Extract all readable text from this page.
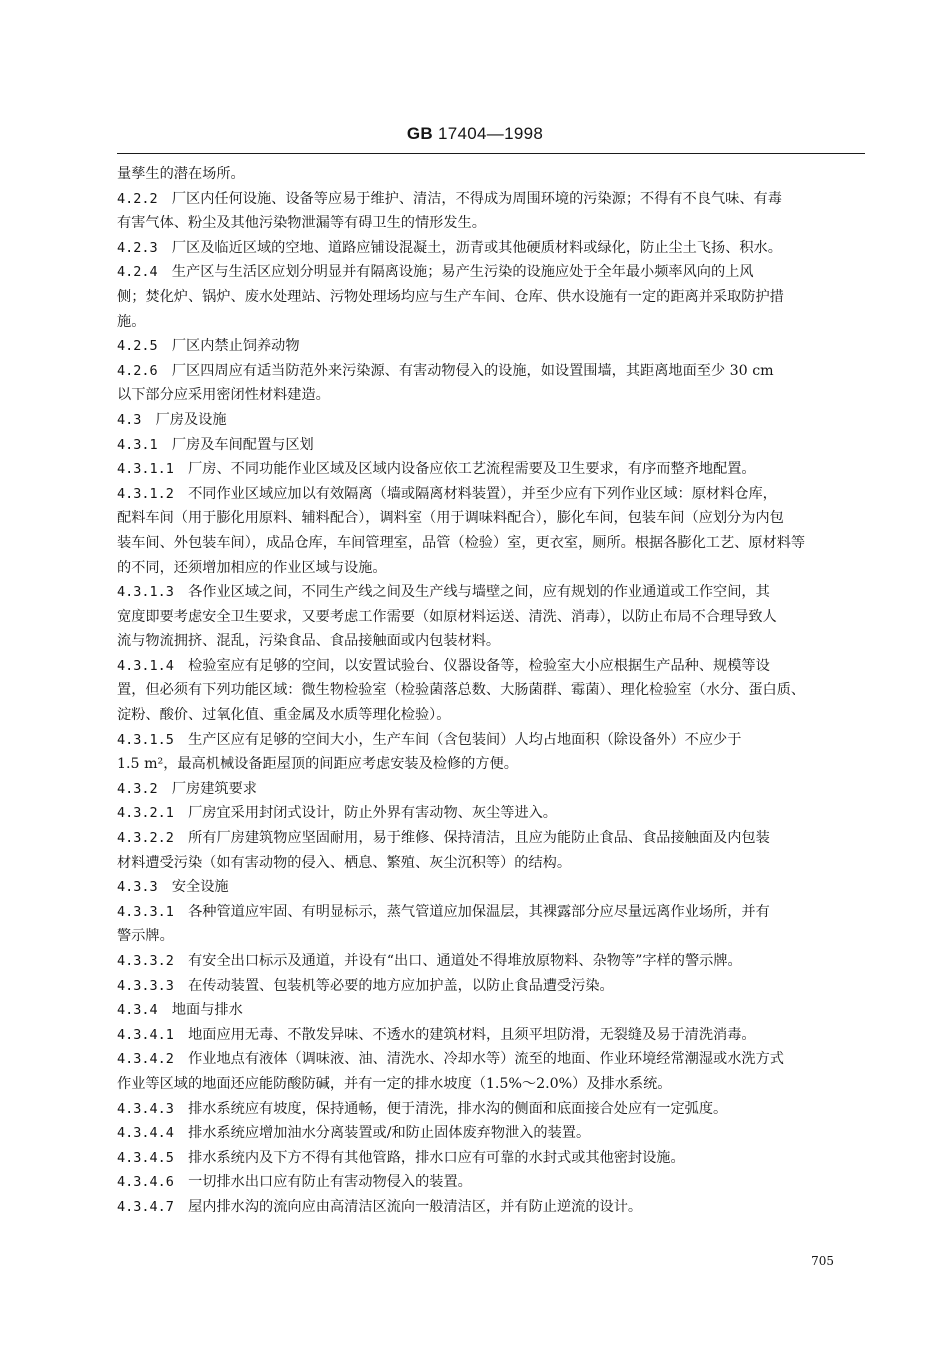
GB 17404—1998
量孳生的潜在场所。
4.2.2  厂区内任何设施、设备等应易于维护、清洁，不得成为周围环境的污染源；不得有不良气味、有毒
有害气体、粉尘及其他污染物泄漏等有碍卫生的情形发生。
4.2.3  厂区及临近区域的空地、道路应铺设混凝土，沥青或其他硬质材料或绿化，防止尘土飞扬、积水。
4.2.4  生产区与生活区应划分明显并有隔离设施；易产生污染的设施应处于全年最小频率风向的上风
侧；焚化炉、锅炉、废水处理站、污物处理场均应与生产车间、仓库、供水设施有一定的距离并采取防护措
施。
4.2.5  厂区内禁止饲养动物
4.2.6  厂区四周应有适当防范外来污染源、有害动物侵入的设施，如设置围墙，其距离地面至少 30 cm
以下部分应采用密闭性材料建造。
4.3  厂房及设施
4.3.1  厂房及车间配置与区划
4.3.1.1  厂房、不同功能作业区域及区域内设备应依工艺流程需要及卫生要求，有序而整齐地配置。
4.3.1.2  不同作业区域应加以有效隔离（墙或隔离材料装置），并至少应有下列作业区域：原材料仓库，
配料车间（用于膨化用原料、辅料配合），调料室（用于调味料配合），膨化车间，包装车间（应划分为内包
装车间、外包装车间），成品仓库，车间管理室，品管（检验）室，更衣室，厕所。根据各膨化工艺、原材料等
的不同，还须增加相应的作业区域与设施。
4.3.1.3  各作业区域之间，不同生产线之间及生产线与墙壁之间，应有规划的作业通道或工作空间，其
宽度即要考虑安全卫生要求，又要考虑工作需要（如原材料运送、清洗、消毒），以防止布局不合理导致人
流与物流拥挤、混乱，污染食品、食品接触面或内包装材料。
4.3.1.4  检验室应有足够的空间，以安置试验台、仪器设备等，检验室大小应根据生产品种、规模等设
置，但必须有下列功能区域：微生物检验室（检验菌落总数、大肠菌群、霉菌）、理化检验室（水分、蛋白质、
淀粉、酸价、过氧化值、重金属及水质等理化检验）。
4.3.1.5  生产区应有足够的空间大小，生产车间（含包装间）人均占地面积（除设备外）不应少于
1.5 m²，最高机械设备距屋顶的间距应考虑安装及检修的方便。
4.3.2  厂房建筑要求
4.3.2.1  厂房宜采用封闭式设计，防止外界有害动物、灰尘等进入。
4.3.2.2  所有厂房建筑物应坚固耐用，易于维修、保持清洁，且应为能防止食品、食品接触面及内包装
材料遭受污染（如有害动物的侵入、栖息、繁殖、灰尘沉积等）的结构。
4.3.3  安全设施
4.3.3.1  各种管道应牢固、有明显标示，蒸气管道应加保温层，其裸露部分应尽量远离作业场所，并有
警示牌。
4.3.3.2  有安全出口标示及通道，并设有“出口、通道处不得堆放原物料、杂物等”字样的警示牌。
4.3.3.3  在传动装置、包装机等必要的地方应加护盖，以防止食品遭受污染。
4.3.4  地面与排水
4.3.4.1  地面应用无毒、不散发异味、不透水的建筑材料，且须平坦防滑，无裂缝及易于清洗消毒。
4.3.4.2  作业地点有液体（调味液、油、清洗水、冷却水等）流至的地面、作业环境经常潮湿或水洗方式
作业等区域的地面还应能防酸防碱，并有一定的排水坡度（1.5%～2.0%）及排水系统。
4.3.4.3  排水系统应有坡度，保持通畅，便于清洗，排水沟的侧面和底面接合处应有一定弧度。
4.3.4.4  排水系统应增加油水分离装置或/和防止固体废弃物泄入的装置。
4.3.4.5  排水系统内及下方不得有其他管路，排水口应有可靠的水封式或其他密封设施。
4.3.4.6  一切排水出口应有防止有害动物侵入的装置。
4.3.4.7  屋内排水沟的流向应由高清洁区流向一般清洁区，并有防止逆流的设计。
705
